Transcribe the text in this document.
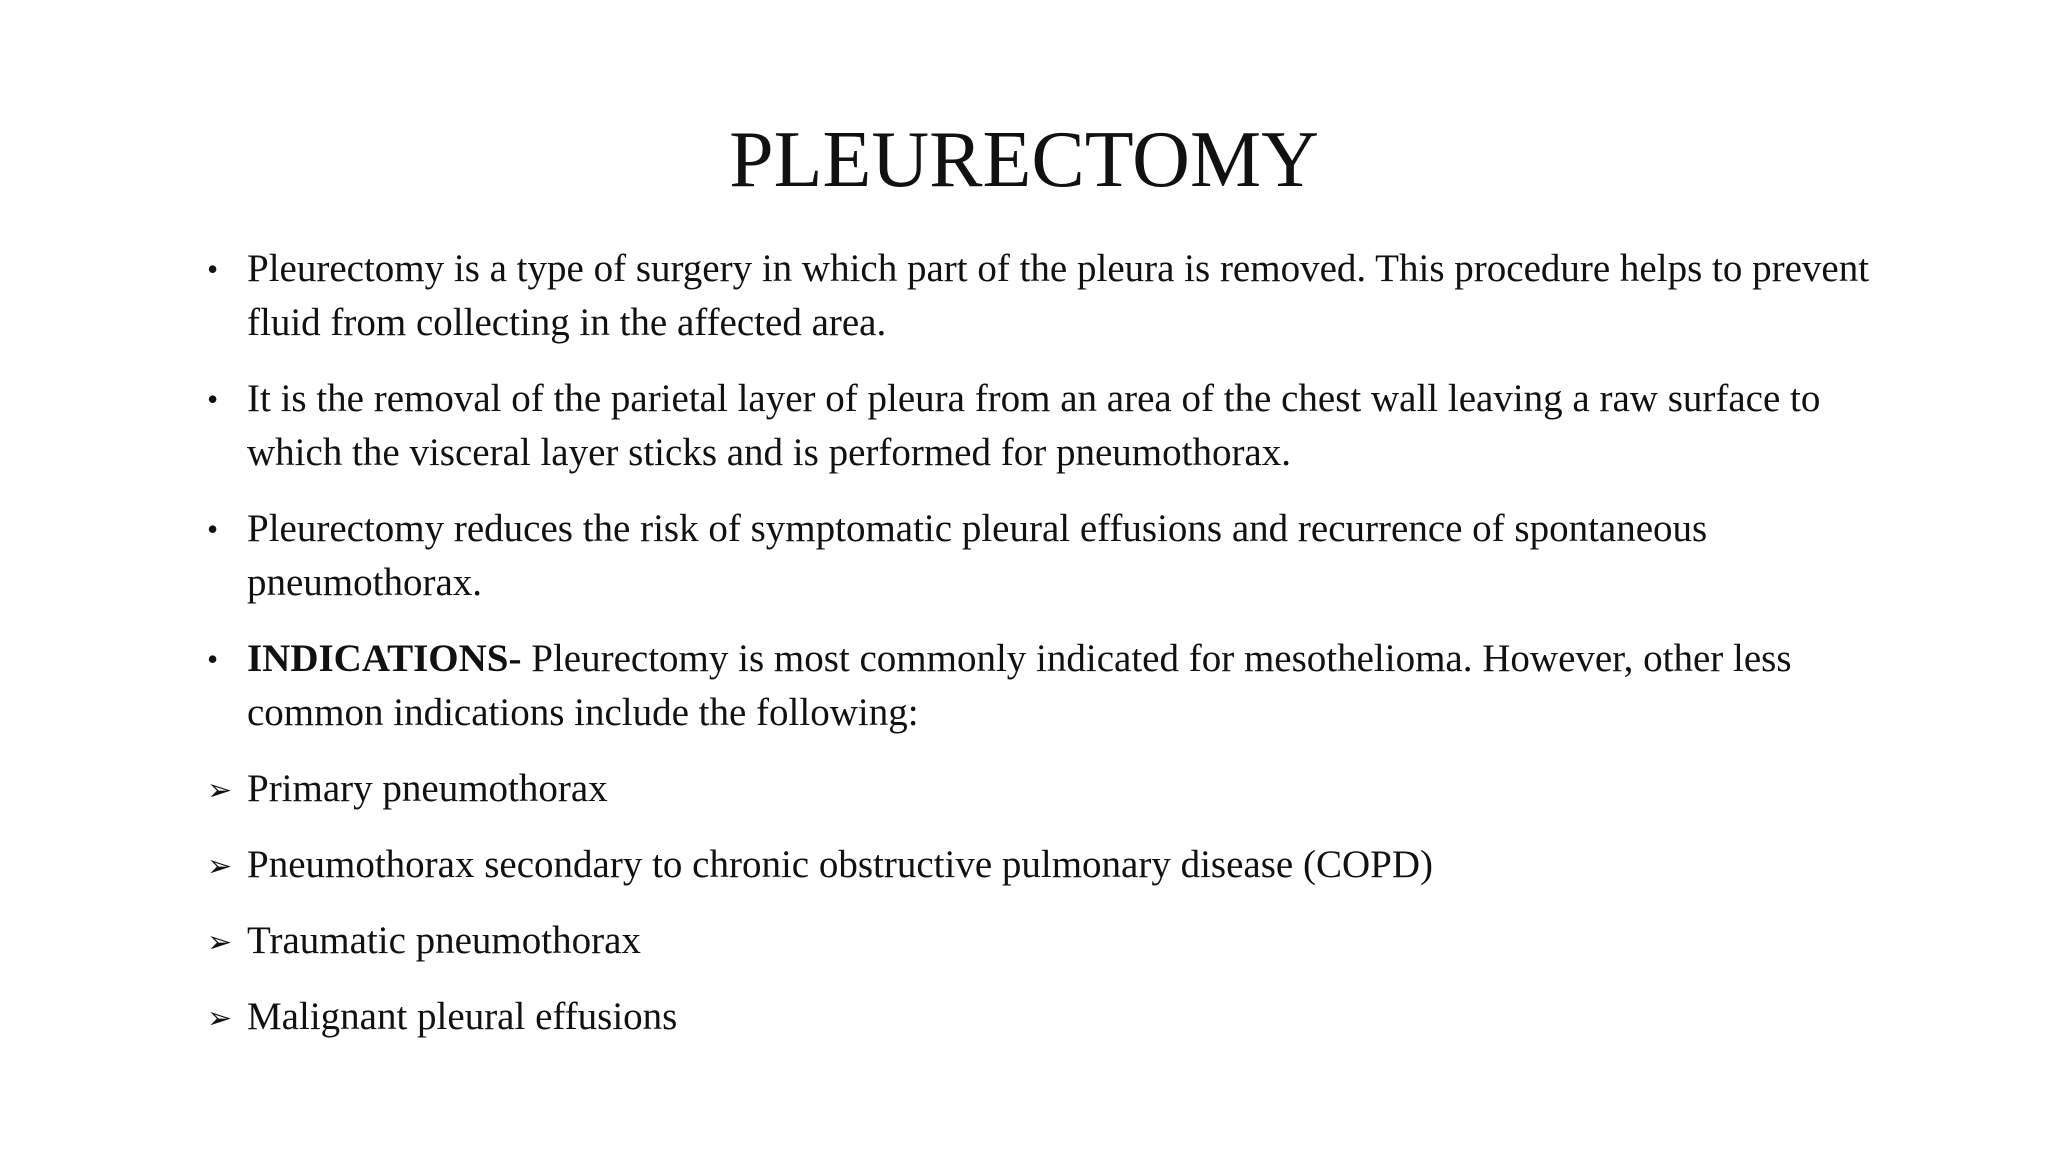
PLEURECTOMY
• Pleurectomy is a type of surgery in which part of the pleura is removed. This procedure helps to prevent fluid from collecting in the affected area.
• It is the removal of the parietal layer of pleura from an area of the chest wall leaving a raw surface to which the visceral layer sticks and is performed for pneumothorax.
• Pleurectomy reduces the risk of symptomatic pleural effusions and recurrence of spontaneous pneumothorax.
• INDICATIONS- Pleurectomy is most commonly indicated for mesothelioma. However, other less common indications include the following:
➢ Primary pneumothorax
➢ Pneumothorax secondary to chronic obstructive pulmonary disease (COPD)
➢ Traumatic pneumothorax
➢ Malignant pleural effusions
